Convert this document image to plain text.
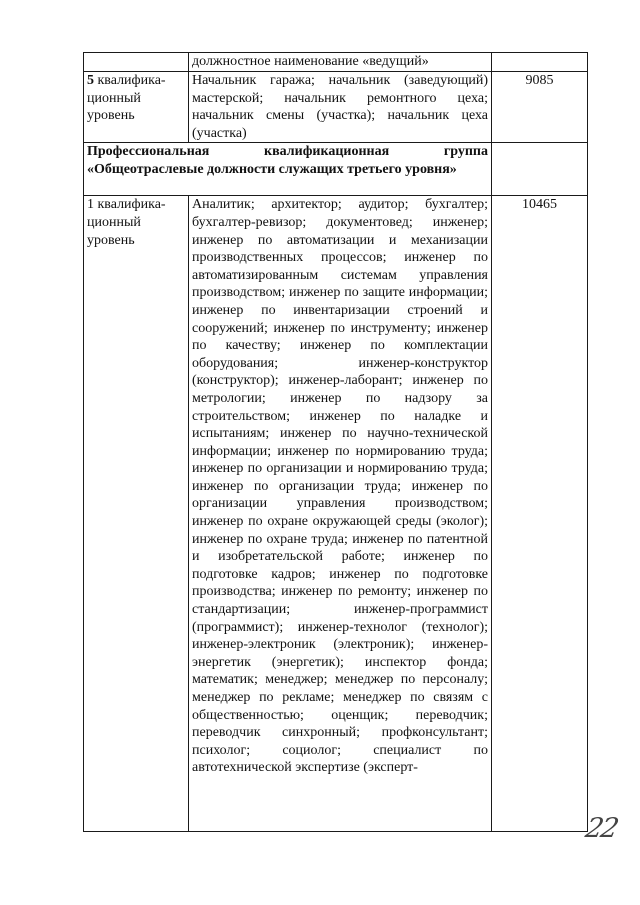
	должностное наименование «ведущий»	
5 квалифика-ционный уровень	Начальник гаража; начальник (заведующий) мастерской; начальник ремонтного цеха; начальник смены (участка); начальник цеха (участка)	9085
Профессиональная квалификационная группа «Общеотраслевые должности служащих третьего уровня»		
1 квалифика-ционный уровень	Аналитик; архитектор; аудитор; бухгалтер; бухгалтер-ревизор; документовед; инженер; инженер по автоматизации и механизации производственных процессов; инженер по автоматизированным системам управления производством; инженер по защите информации; инженер по инвентаризации строений и сооружений; инженер по инструменту; инженер по качеству; инженер по комплектации оборудования; инженер-конструктор (конструктор); инженер-лаборант; инженер по метрологии; инженер по надзору за строительством; инженер по наладке и испытаниям; инженер по научно-технической информации; инженер по нормированию труда; инженер по организации и нормированию труда; инженер по организации труда; инженер по организации управления производством; инженер по охране окружающей среды (эколог); инженер по охране труда; инженер по патентной и изобретательской работе; инженер по подготовке кадров; инженер по подготовке производства; инженер по ремонту; инженер по стандартизации; инженер-программист (программист); инженер-технолог (технолог); инженер-электроник (электроник); инженер-энергетик (энергетик); инспектор фонда; математик; менеджер; менеджер по персоналу; менеджер по рекламе; менеджер по связям с общественностью; оценщик; переводчик; переводчик синхронный; профконсультант; психолог; социолог; специалист по автотехнической экспертизе (эксперт-	10465
22
